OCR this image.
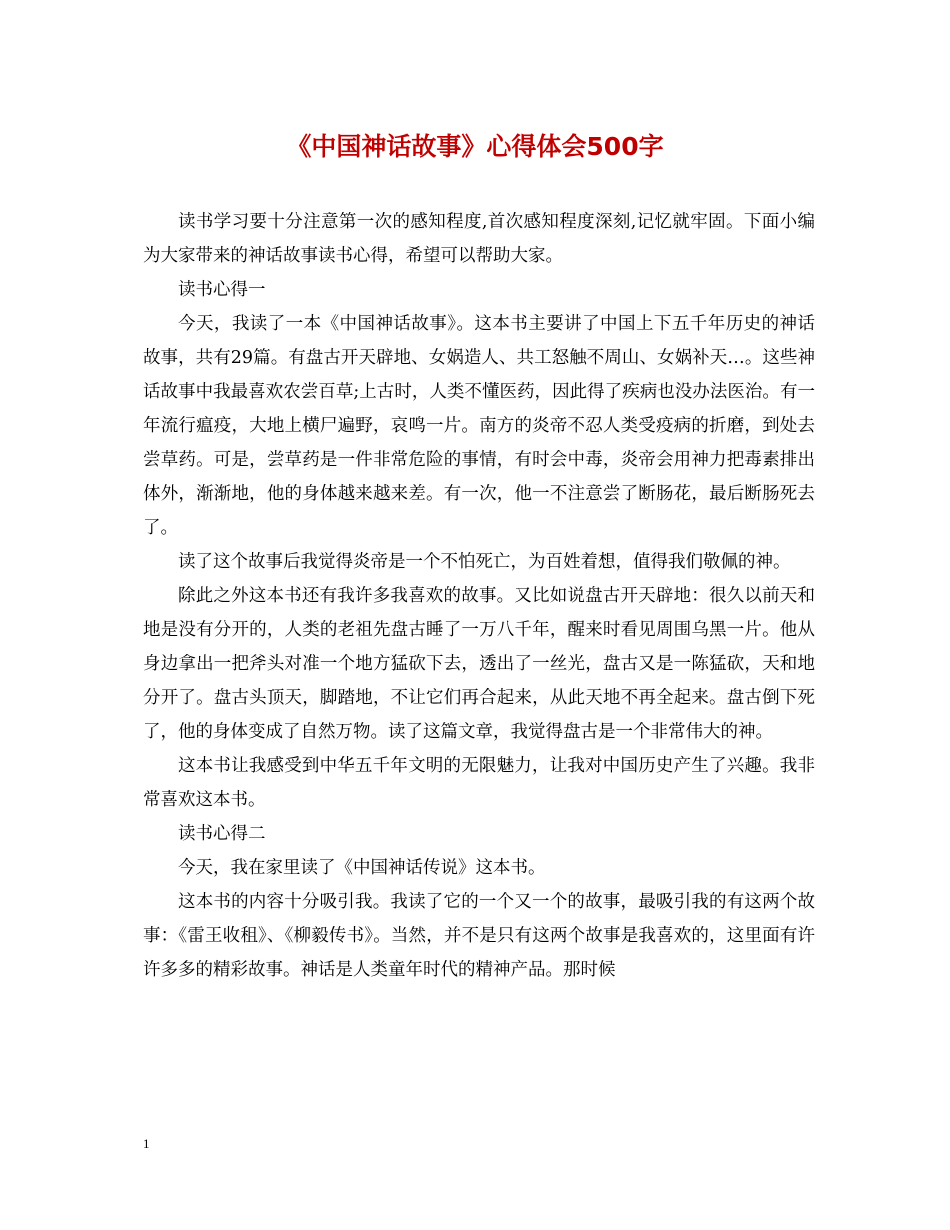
《中国神话故事》心得体会500字

读书学习要十分注意第一次的感知程度,首次感知程度深刻,记忆就牢固。下面小编为大家带来的神话故事读书心得，希望可以帮助大家。

读书心得一

今天，我读了一本《中国神话故事》。这本书主要讲了中国上下五千年历史的神话故事，共有29篇。有盘古开天辟地、女娲造人、共工怒触不周山、女娲补天…。这些神话故事中我最喜欢农尝百草;上古时，人类不懂医药，因此得了疾病也没办法医治。有一年流行瘟疫，大地上横尸遍野，哀鸣一片。南方的炎帝不忍人类受疫病的折磨，到处去尝草药。可是，尝草药是一件非常危险的事情，有时会中毒，炎帝会用神力把毒素排出体外，渐渐地，他的身体越来越来差。有一次，他一不注意尝了断肠花，最后断肠死去了。

读了这个故事后我觉得炎帝是一个不怕死亡，为百姓着想，值得我们敬佩的神。

除此之外这本书还有我许多我喜欢的故事。又比如说盘古开天辟地：很久以前天和地是没有分开的，人类的老祖先盘古睡了一万八千年，醒来时看见周围乌黑一片。他从身边拿出一把斧头对准一个地方猛砍下去，透出了一丝光，盘古又是一陈猛砍，天和地分开了。盘古头顶天，脚踏地，不让它们再合起来，从此天地不再全起来。盘古倒下死了，他的身体变成了自然万物。读了这篇文章，我觉得盘古是一个非常伟大的神。

这本书让我感受到中华五千年文明的无限魅力，让我对中国历史产生了兴趣。我非常喜欢这本书。

读书心得二

今天，我在家里读了《中国神话传说》这本书。

这本书的内容十分吸引我。我读了它的一个又一个的故事，最吸引我的有这两个故事：《雷王收租》、《柳毅传书》。当然，并不是只有这两个故事是我喜欢的，这里面有许许多多的精彩故事。神话是人类童年时代的精神产品。那时候

1
